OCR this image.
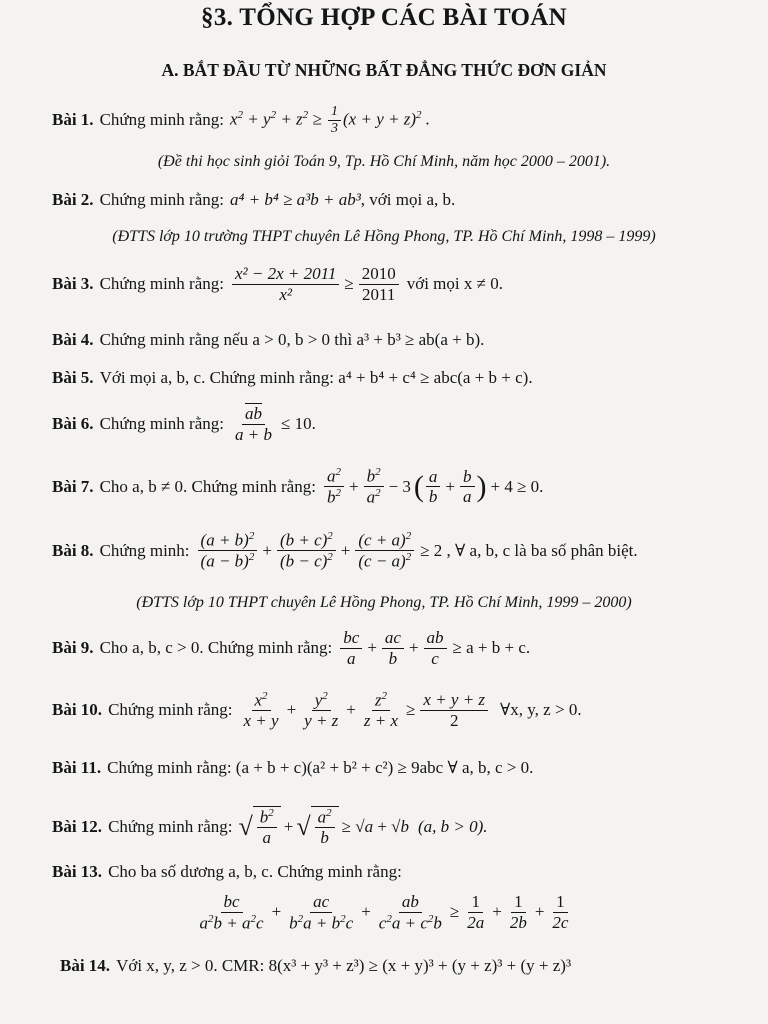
§3. TỔNG HỢP CÁC BÀI TOÁN
A. BẮT ĐẦU TỪ NHỮNG BẤT ĐẲNG THỨC ĐƠN GIẢN
Bài 1. Chứng minh rằng: $x^2 + y^2 + z^2 \ge \frac{1}{3} (x + y + z)^2$ .
(Đề thi học sinh giỏi Toán 9, Tp. Hồ Chí Minh, năm học 2000 – 2001).
Bài 2. Chứng minh rằng: a⁴ + b⁴ ≥ a³b + ab³ , với mọi a, b.
(ĐTTS lớp 10 trường THPT chuyên Lê Hồng Phong, TP. Hồ Chí Minh, 1998 – 1999)
Bài 3. Chứng minh rằng: $\frac{\text{x² − 2x + 2011}}{\text{x²}} \ge \frac{2010}{2011}$ với mọi x ≠ 0.
Bài 4. Chứng minh rằng nếu a > 0, b > 0 thì a³ + b³ ≥ ab(a + b).
Bài 5. Với mọi a, b, c. Chứng minh rằng: a⁴ + b⁴ + c⁴ ≥ abc(a + b + c).
Bài 6. Chứng minh rằng: $\frac{\overline{ab}}{a + b} \le 10$.
Bài 7. Cho a, b ≠ 0. Chứng minh rằng: $\frac{a^2}{b^2} + \frac{b^2}{a^2} - 3$ ( $\frac{a}{b} + \frac{b}{a}$ ) + 4 ≥ 0.
Bài 8. Chứng minh: $\frac{(a + b)^2}{(a - b)^2} + \frac{(b + c)^2}{(b - c)^2} + \frac{(c + a)^2}{(c - a)^2} \ge 2$ , ∀ a, b, c là ba số phân biệt.
(ĐTTS lớp 10 THPT chuyên Lê Hồng Phong, TP. Hồ Chí Minh, 1999 – 2000)
Bài 9. Cho a, b, c > 0. Chứng minh rằng: $\frac{bc}{a} + \frac{ac}{b} + \frac{ab}{c} \ge a + b + c$.
Bài 10. Chứng minh rằng: $\frac{x^2}{x + y} + \frac{y^2}{y + z} + \frac{z^2}{z + x} \ge \frac{x + y + z}{2}$ ∀x, y, z > 0.
Bài 11. Chứng minh rằng: (a + b + c)(a² + b² + c²) ≥ 9abc ∀ a, b, c > 0.
Bài 12. Chứng minh rằng: √ $\frac{b^2}{a}$ + √ $\frac{a^2}{b} \ge √a + √b$ (a, b > 0).
Bài 13. Cho ba số dương a, b, c. Chứng minh rằng:
$\frac{bc}{a^2b + a^2c} + \frac{ac}{b^2a + b^2c} + \frac{ab}{c^2a + c^2b} \ge \frac{1}{2a} + \frac{1}{2b} + \frac{1}{2c}$
Bài 14. Với x, y, z > 0. CMR: 8(x³ + y³ + z³) ≥ (x + y)³ + (y + z)³ + (y + z)³
